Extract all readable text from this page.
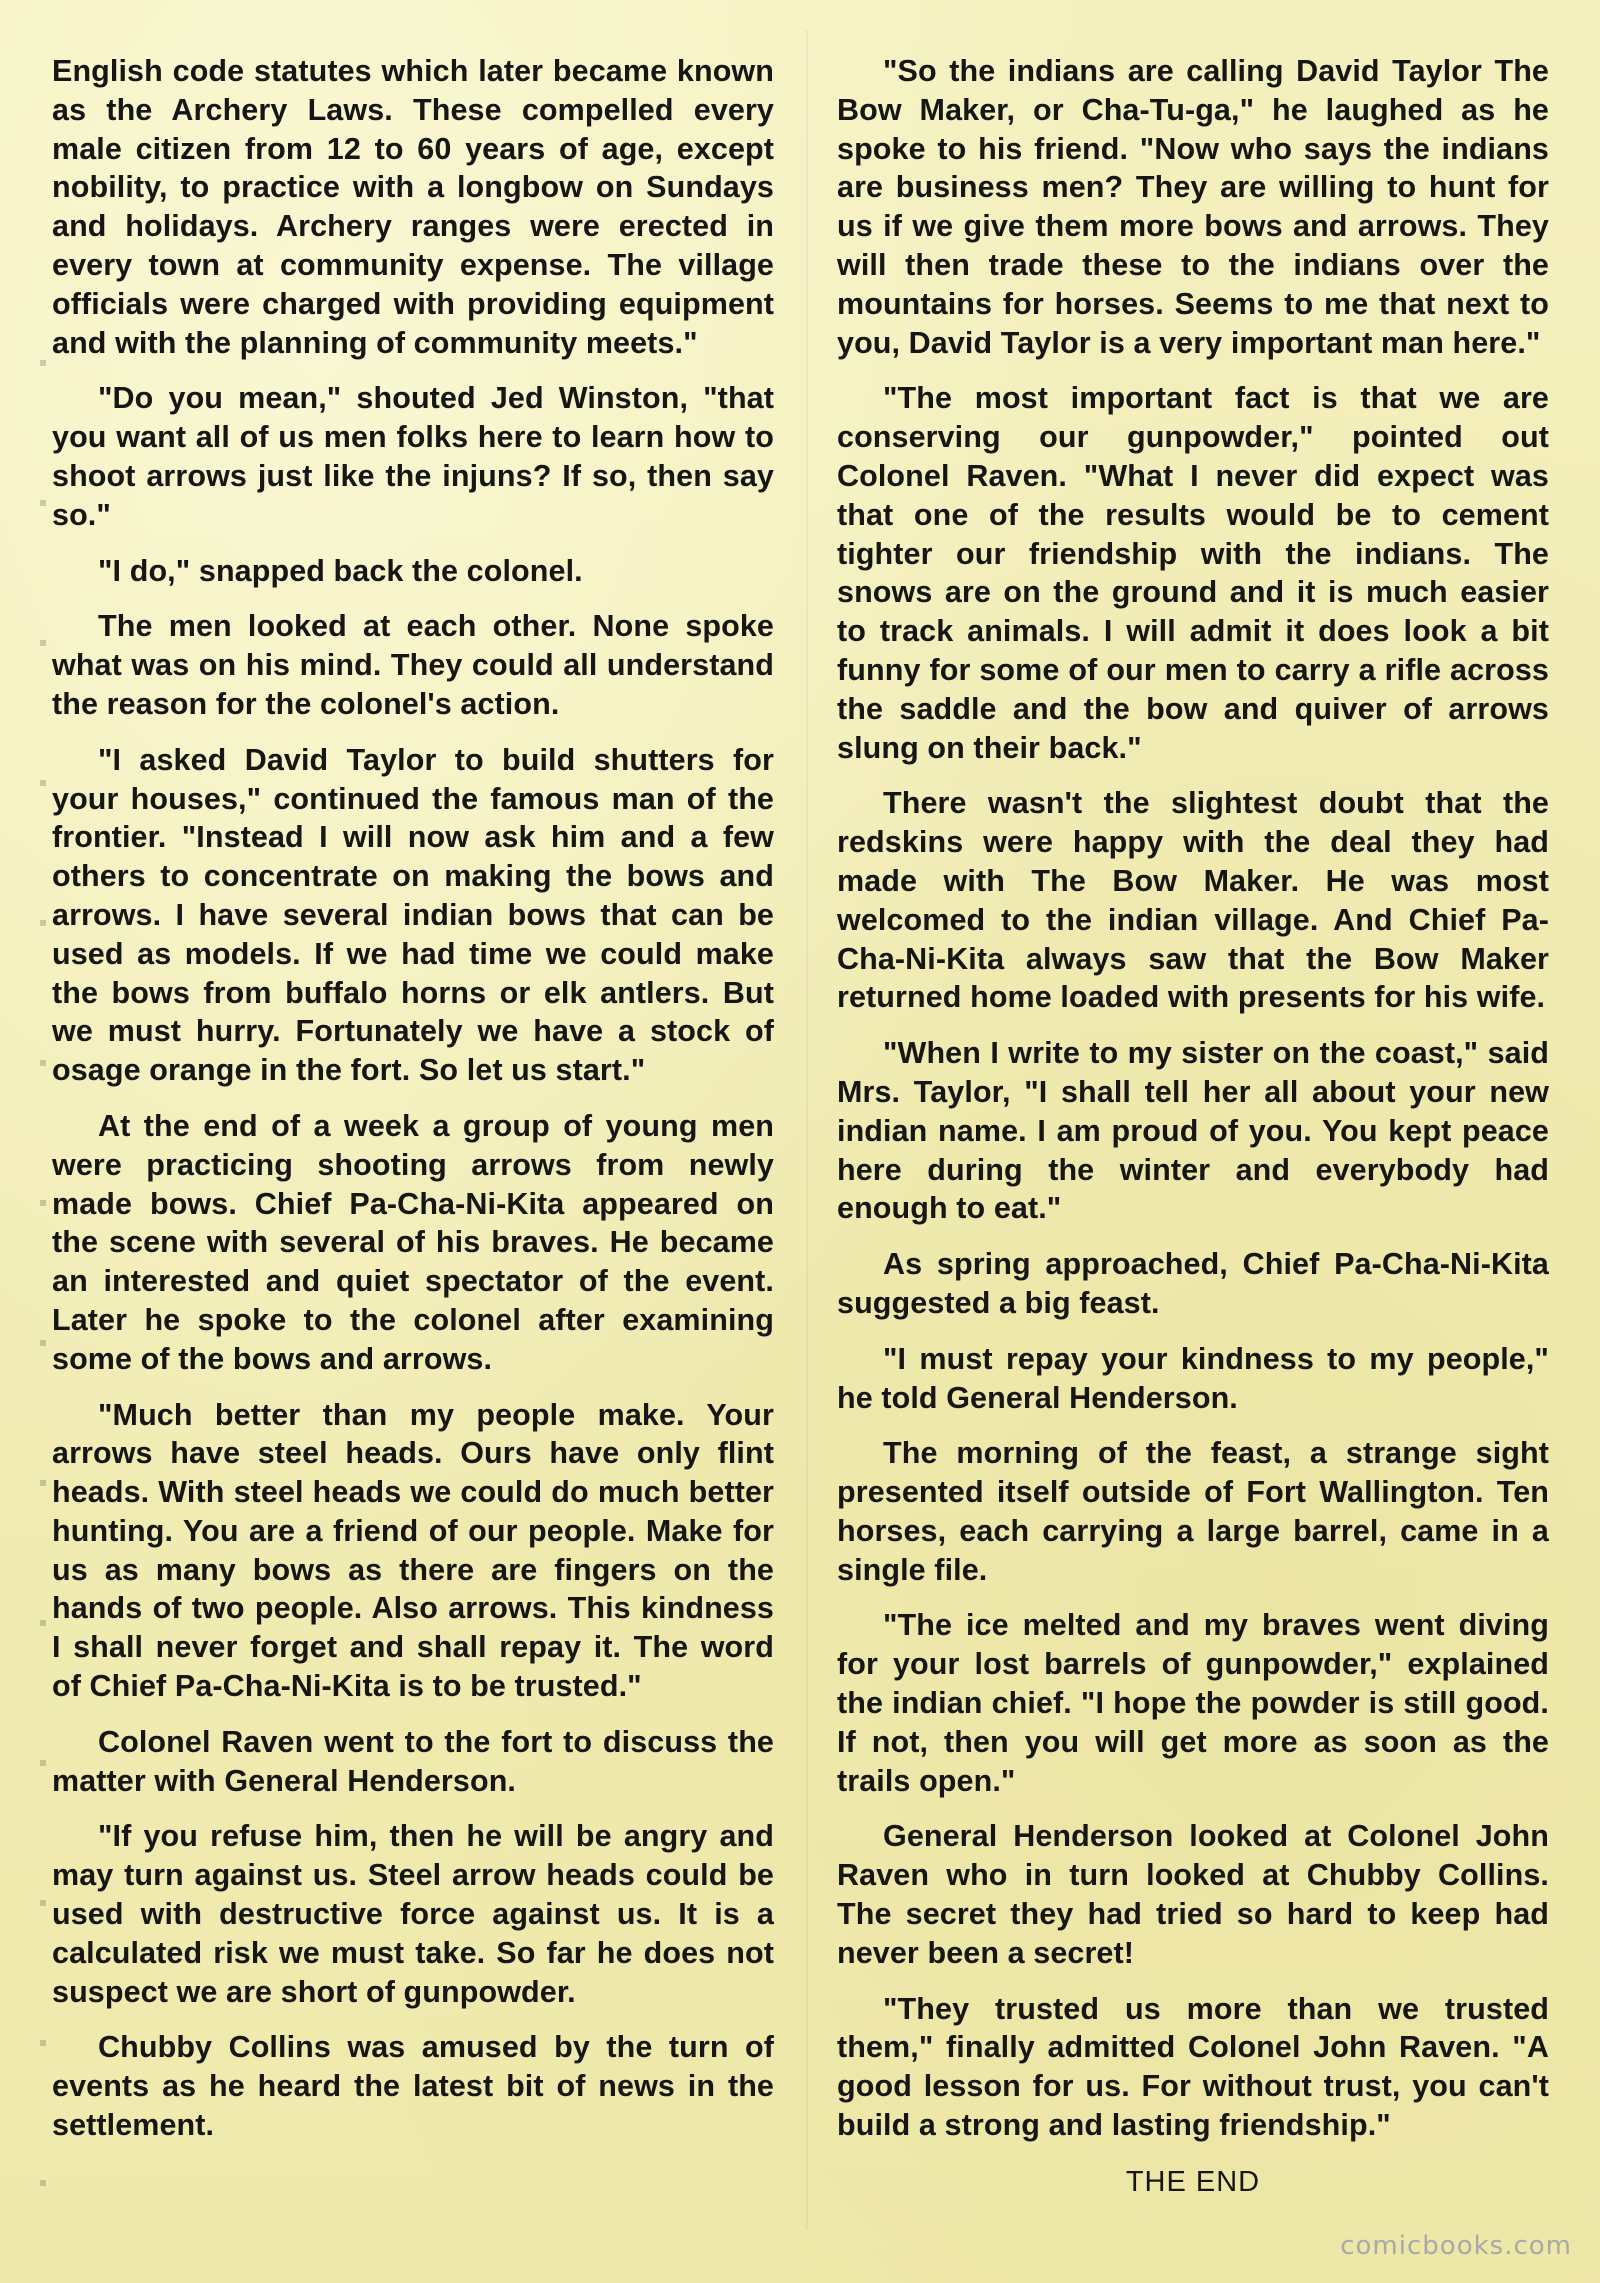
English code statutes which later became known as the Archery Laws. These compelled every male citizen from 12 to 60 years of age, except nobility, to practice with a longbow on Sundays and holidays. Archery ranges were erected in every town at community expense. The village officials were charged with providing equipment and with the planning of community meets."

"Do you mean," shouted Jed Winston, "that you want all of us men folks here to learn how to shoot arrows just like the injuns? If so, then say so."

"I do," snapped back the colonel.

The men looked at each other. None spoke what was on his mind. They could all understand the reason for the colonel's action.

"I asked David Taylor to build shutters for your houses," continued the famous man of the frontier. "Instead I will now ask him and a few others to concentrate on making the bows and arrows. I have several indian bows that can be used as models. If we had time we could make the bows from buffalo horns or elk antlers. But we must hurry. Fortunately we have a stock of osage orange in the fort. So let us start."

At the end of a week a group of young men were practicing shooting arrows from newly made bows. Chief Pa-Cha-Ni-Kita appeared on the scene with several of his braves. He became an interested and quiet spectator of the event. Later he spoke to the colonel after examining some of the bows and arrows.

"Much better than my people make. Your arrows have steel heads. Ours have only flint heads. With steel heads we could do much better hunting. You are a friend of our people. Make for us as many bows as there are fingers on the hands of two people. Also arrows. This kindness I shall never forget and shall repay it. The word of Chief Pa-Cha-Ni-Kita is to be trusted."

Colonel Raven went to the fort to discuss the matter with General Henderson.

"If you refuse him, then he will be angry and may turn against us. Steel arrow heads could be used with destructive force against us. It is a calculated risk we must take. So far he does not suspect we are short of gunpowder.

Chubby Collins was amused by the turn of events as he heard the latest bit of news in the settlement.

"So the indians are calling David Taylor The Bow Maker, or Cha-Tu-ga," he laughed as he spoke to his friend. "Now who says the indians are business men? They are willing to hunt for us if we give them more bows and arrows. They will then trade these to the indians over the mountains for horses. Seems to me that next to you, David Taylor is a very important man here."

"The most important fact is that we are conserving our gunpowder," pointed out Colonel Raven. "What I never did expect was that one of the results would be to cement tighter our friendship with the indians. The snows are on the ground and it is much easier to track animals. I will admit it does look a bit funny for some of our men to carry a rifle across the saddle and the bow and quiver of arrows slung on their back."

There wasn't the slightest doubt that the redskins were happy with the deal they had made with The Bow Maker. He was most welcomed to the indian village. And Chief Pa-Cha-Ni-Kita always saw that the Bow Maker returned home loaded with presents for his wife.

"When I write to my sister on the coast," said Mrs. Taylor, "I shall tell her all about your new indian name. I am proud of you. You kept peace here during the winter and everybody had enough to eat."

As spring approached, Chief Pa-Cha-Ni-Kita suggested a big feast.

"I must repay your kindness to my people," he told General Henderson.

The morning of the feast, a strange sight presented itself outside of Fort Wallington. Ten horses, each carrying a large barrel, came in a single file.

"The ice melted and my braves went diving for your lost barrels of gunpowder," explained the indian chief. "I hope the powder is still good. If not, then you will get more as soon as the trails open."

General Henderson looked at Colonel John Raven who in turn looked at Chubby Collins. The secret they had tried so hard to keep had never been a secret!

"They trusted us more than we trusted them," finally admitted Colonel John Raven. "A good lesson for us. For without trust, you can't build a strong and lasting friendship."

THE END
comicbooks.com
